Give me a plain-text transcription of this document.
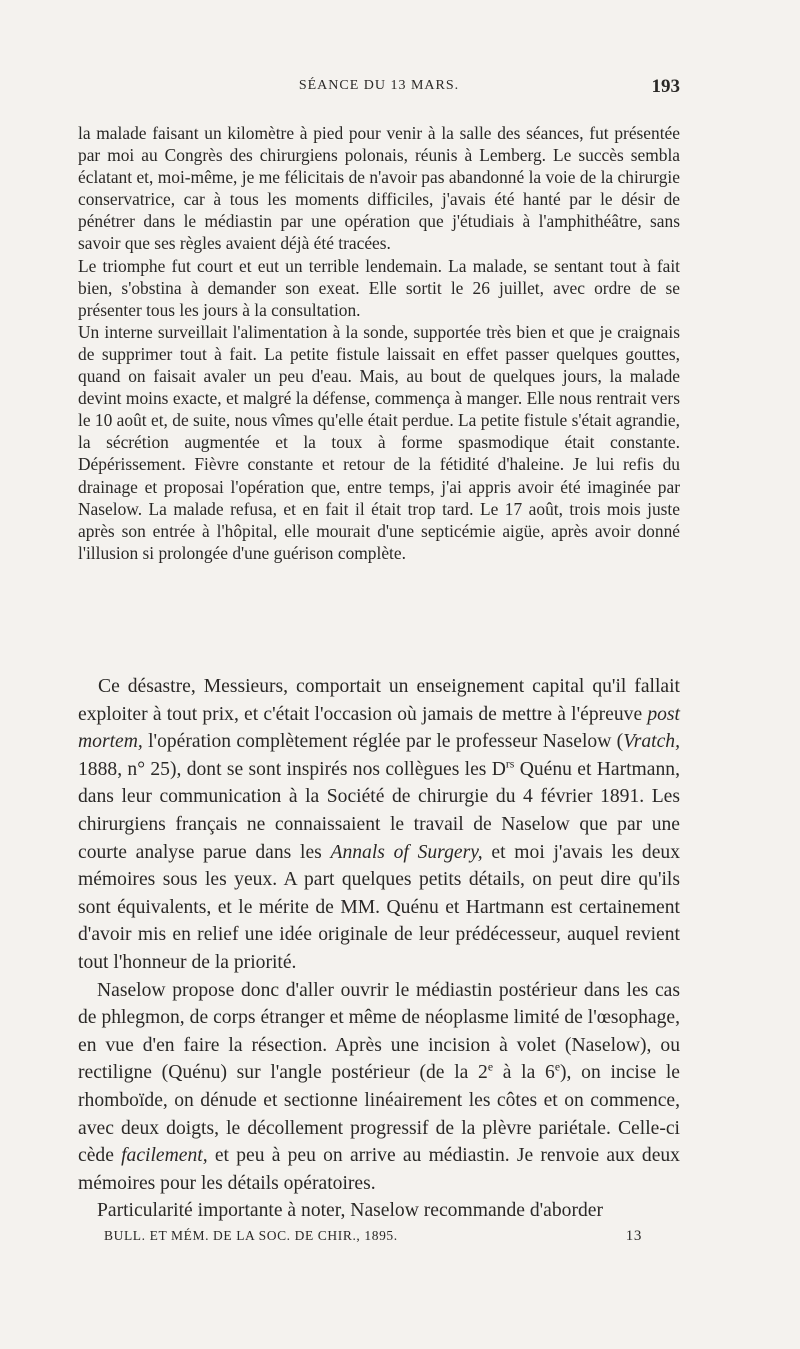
SÉANCE DU 13 MARS.	193

la malade faisant un kilomètre à pied pour venir à la salle des séances, fut présentée par moi au Congrès des chirurgiens polonais, réunis à Lemberg. Le succès sembla éclatant et, moi-même, je me félicitais de n'avoir pas abandonné la voie de la chirurgie conservatrice, car à tous les moments difficiles, j'avais été hanté par le désir de pénétrer dans le médiastin par une opération que j'étudiais à l'amphithéâtre, sans savoir que ses règles avaient déjà été tracées.

Le triomphe fut court et eut un terrible lendemain. La malade, se sentant tout à fait bien, s'obstina à demander son exeat. Elle sortit le 26 juillet, avec ordre de se présenter tous les jours à la consultation.

Un interne surveillait l'alimentation à la sonde, supportée très bien et que je craignais de supprimer tout à fait. La petite fistule laissait en effet passer quelques gouttes, quand on faisait avaler un peu d'eau. Mais, au bout de quelques jours, la malade devint moins exacte, et malgré la défense, commença à manger. Elle nous rentrait vers le 10 août et, de suite, nous vîmes qu'elle était perdue. La petite fistule s'était agrandie, la sécrétion augmentée et la toux à forme spasmodique était constante. Dépérissement. Fièvre constante et retour de la fétidité d'haleine. Je lui refis du drainage et proposai l'opération que, entre temps, j'ai appris avoir été imaginée par Naselow. La malade refusa, et en fait il était trop tard. Le 17 août, trois mois juste après son entrée à l'hôpital, elle mourait d'une septicémie aigüe, après avoir donné l'illusion si prolongée d'une guérison complète.

Ce désastre, Messieurs, comportait un enseignement capital qu'il fallait exploiter à tout prix, et c'était l'occasion où jamais de mettre à l'épreuve post mortem, l'opération complètement réglée par le professeur Naselow (Vratch, 1888, n° 25), dont se sont inspirés nos collègues les $D^{rs}$ Quénu et Hartmann, dans leur communication à la Société de chirurgie du 4 février 1891. Les chirurgiens français ne connaissaient le travail de Naselow que par une courte analyse parue dans les Annals of Surgery, et moi j'avais les deux mémoires sous les yeux. A part quelques petits détails, on peut dire qu'ils sont équivalents, et le mérite de MM. Quénu et Hartmann est certainement d'avoir mis en relief une idée originale de leur prédécesseur, auquel revient tout l'honneur de la priorité.

Naselow propose donc d'aller ouvrir le médiastin postérieur dans les cas de phlegmon, de corps étranger et même de néoplasme limité de l'œsophage, en vue d'en faire la résection. Après une incision à volet (Naselow), ou rectiligne (Quénu) sur l'angle postérieur (de la 2e à la 6e), on incise le rhomboïde, on dénude et sectionne linéairement les côtes et on commence, avec deux doigts, le décollement progressif de la plèvre pariétale. Celle-ci cède facilement, et peu à peu on arrive au médiastin. Je renvoie aux deux mémoires pour les détails opératoires.

Particularité importante à noter, Naselow recommande d'aborder

BULL. ET MÉM. DE LA SOC. DE CHIR., 1895.	13
